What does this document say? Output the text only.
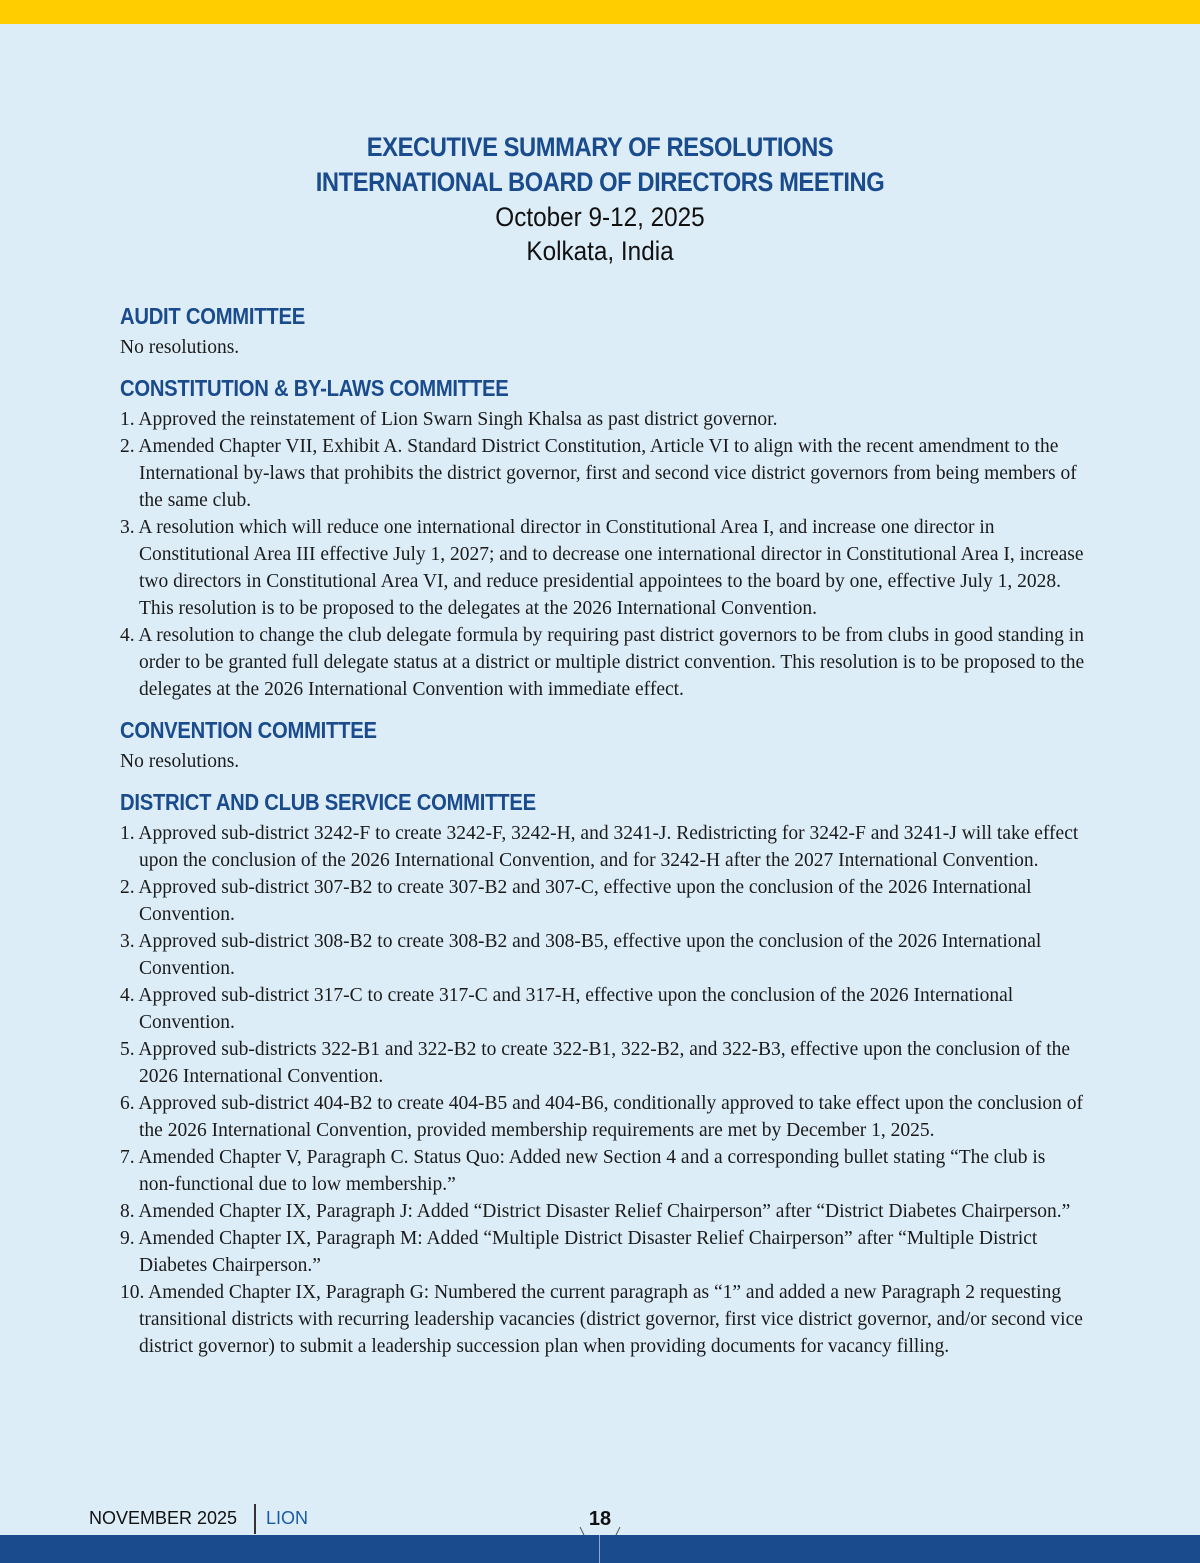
EXECUTIVE SUMMARY OF RESOLUTIONS
INTERNATIONAL BOARD OF DIRECTORS MEETING
October 9-12, 2025
Kolkata, India
AUDIT COMMITTEE

No resolutions.

CONSTITUTION & BY-LAWS COMMITTEE
1. Approved the reinstatement of Lion Swarn Singh Khalsa as past district governor.
2. Amended Chapter VII, Exhibit A. Standard District Constitution, Article VI to align with the recent amendment to the International by-laws that prohibits the district governor, first and second vice district governors from being members of the same club.
3. A resolution which will reduce one international director in Constitutional Area I, and increase one director in Constitutional Area III effective July 1, 2027; and to decrease one international director in Constitutional Area I, increase two directors in Constitutional Area VI, and reduce presidential appointees to the board by one, effective July 1, 2028. This resolution is to be proposed to the delegates at the 2026 International Convention.
4. A resolution to change the club delegate formula by requiring past district governors to be from clubs in good standing in order to be granted full delegate status at a district or multiple district convention. This resolution is to be proposed to the delegates at the 2026 International Convention with immediate effect.
CONVENTION COMMITTEE

No resolutions.

DISTRICT AND CLUB SERVICE COMMITTEE
1. Approved sub-district 3242-F to create 3242-F, 3242-H, and 3241-J. Redistricting for 3242-F and 3241-J will take effect upon the conclusion of the 2026 International Convention, and for 3242-H after the 2027 International Convention.
2. Approved sub-district 307-B2 to create 307-B2 and 307-C, effective upon the conclusion of the 2026 International Convention.
3. Approved sub-district 308-B2 to create 308-B2 and 308-B5, effective upon the conclusion of the 2026 International Convention.
4. Approved sub-district 317-C to create 317-C and 317-H, effective upon the conclusion of the 2026 International Convention.
5. Approved sub-districts 322-B1 and 322-B2 to create 322-B1, 322-B2, and 322-B3, effective upon the conclusion of the 2026 International Convention.
6. Approved sub-district 404-B2 to create 404-B5 and 404-B6, conditionally approved to take effect upon the conclusion of the 2026 International Convention, provided membership requirements are met by December 1, 2025.
7. Amended Chapter V, Paragraph C. Status Quo: Added new Section 4 and a corresponding bullet stating “The club is non-functional due to low membership.”
8. Amended Chapter IX, Paragraph J: Added “District Disaster Relief Chairperson” after “District Diabetes Chairperson.”
9. Amended Chapter IX, Paragraph M: Added “Multiple District Disaster Relief Chairperson” after “Multiple District Diabetes Chairperson.”
10. Amended Chapter IX, Paragraph G: Numbered the current paragraph as “1” and added a new Paragraph 2 requesting transitional districts with recurring leadership vacancies (district governor, first vice district governor, and/or second vice district governor) to submit a leadership succession plan when providing documents for vacancy filling.
NOVEMBER 2025 LION	18
